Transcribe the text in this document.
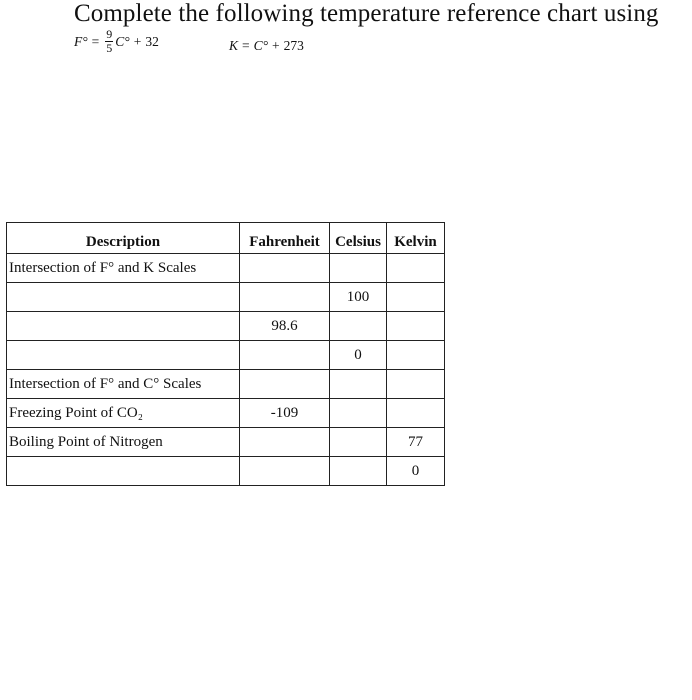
Complete the following temperature reference chart using
$F^\circ = \frac{9}{5} C^\circ + 32$	K = C° + 273
Description	Fahrenheit	Celsius	Kelvin
Intersection of F° and K Scales			
		100	
	98.6		
		0	
Intersection of F° and C° Scales			
Freezing Point of CO₂	-109		
Boiling Point of Nitrogen			77
			0
